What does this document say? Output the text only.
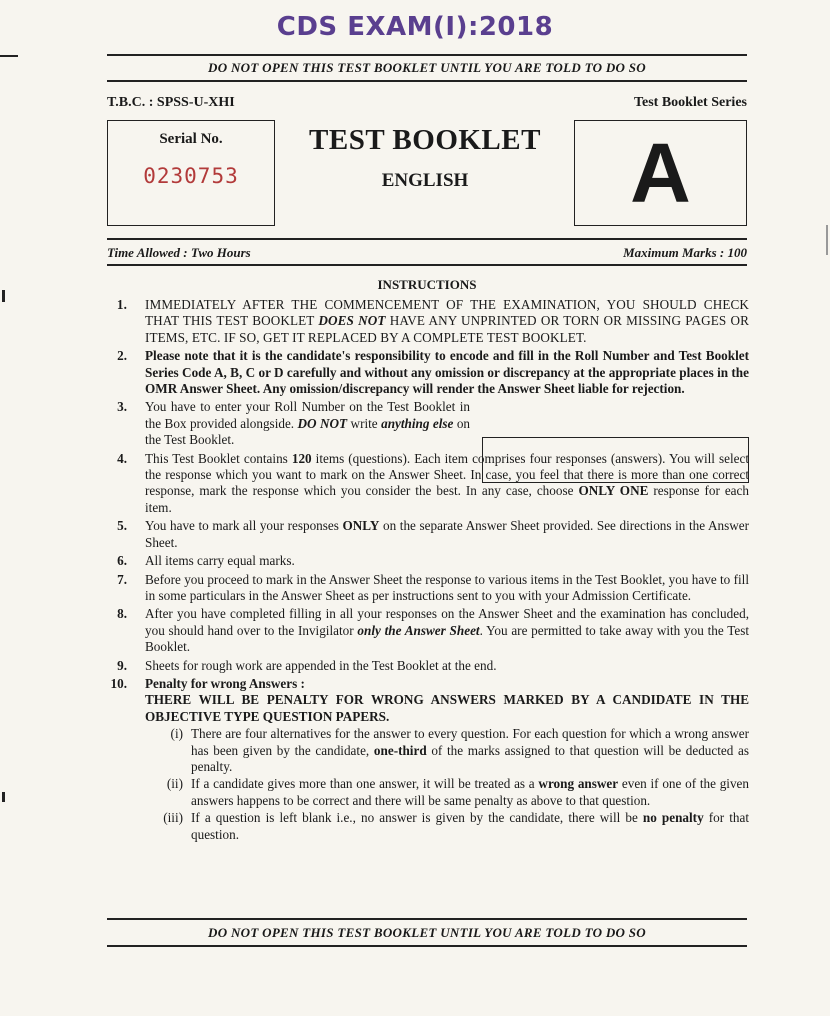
CDS EXAM(I):2018
DO NOT OPEN THIS TEST BOOKLET UNTIL YOU ARE TOLD TO DO SO
T.B.C. : SPSS-U-XHI	Test Booklet Series
Serial No.
0230753
TEST BOOKLET
ENGLISH	A
Time Allowed : Two Hours	Maximum Marks : 100
INSTRUCTIONS
1. IMMEDIATELY AFTER THE COMMENCEMENT OF THE EXAMINATION, YOU SHOULD CHECK THAT THIS TEST BOOKLET DOES NOT HAVE ANY UNPRINTED OR TORN OR MISSING PAGES OR ITEMS, ETC. IF SO, GET IT REPLACED BY A COMPLETE TEST BOOKLET.
2. Please note that it is the candidate's responsibility to encode and fill in the Roll Number and Test Booklet Series Code A, B, C or D carefully and without any omission or discrepancy at the appropriate places in the OMR Answer Sheet. Any omission/discrepancy will render the Answer Sheet liable for rejection.
3. You have to enter your Roll Number on the Test Booklet in the Box provided alongside. DO NOT write anything else on the Test Booklet.
4. This Test Booklet contains 120 items (questions). Each item comprises four responses (answers). You will select the response which you want to mark on the Answer Sheet. In case, you feel that there is more than one correct response, mark the response which you consider the best. In any case, choose ONLY ONE response for each item.
5. You have to mark all your responses ONLY on the separate Answer Sheet provided. See directions in the Answer Sheet.
6. All items carry equal marks.
7. Before you proceed to mark in the Answer Sheet the response to various items in the Test Booklet, you have to fill in some particulars in the Answer Sheet as per instructions sent to you with your Admission Certificate.
8. After you have completed filling in all your responses on the Answer Sheet and the examination has concluded, you should hand over to the Invigilator only the Answer Sheet. You are permitted to take away with you the Test Booklet.
9. Sheets for rough work are appended in the Test Booklet at the end.
10. Penalty for wrong Answers :
THERE WILL BE PENALTY FOR WRONG ANSWERS MARKED BY A CANDIDATE IN THE OBJECTIVE TYPE QUESTION PAPERS.
(i) There are four alternatives for the answer to every question. For each question for which a wrong answer has been given by the candidate, one-third of the marks assigned to that question will be deducted as penalty.
(ii) If a candidate gives more than one answer, it will be treated as a wrong answer even if one of the given answers happens to be correct and there will be same penalty as above to that question.
(iii) If a question is left blank i.e., no answer is given by the candidate, there will be no penalty for that question.
DO NOT OPEN THIS TEST BOOKLET UNTIL YOU ARE TOLD TO DO SO
